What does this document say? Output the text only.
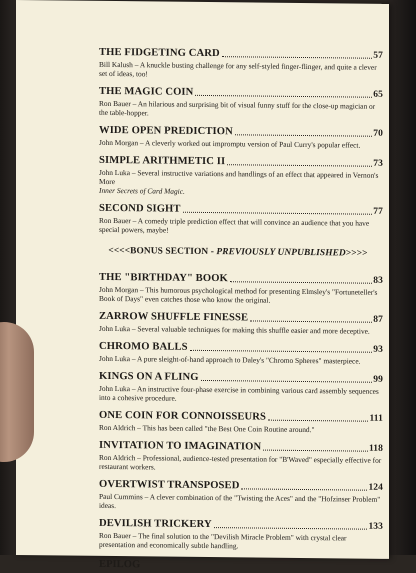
THE FIDGETING CARD	57
Bill Kalush – A knuckle busting challenge for any self-styled finger-flinger, and quite a clever set of ideas, too!
THE MAGIC COIN	65
Ron Bauer – An hilarious and surprising bit of visual funny stuff for the close-up magician or the table-hopper.
WIDE OPEN PREDICTION	70
John Morgan – A cleverly worked out impromptu version of Paul Curry's popular effect.
SIMPLE ARITHMETIC II	73
John Luka – Several instructive variations and handlings of an effect that appeared in Vernon's More
Inner Secrets of Card Magic.
SECOND SIGHT	77
Ron Bauer – A comedy triple prediction effect that will convince an audience that you have special powers, maybe!
<<<<BONUS SECTION - PREVIOUSLY UNPUBLISHED>>>>
THE "BIRTHDAY" BOOK	83
John Morgan – This humorous psychological method for presenting Elmsley's "Fortuneteller's Book of Days" even catches those who know the original.
ZARROW SHUFFLE FINESSE	87
John Luka – Several valuable techniques for making this shuffle easier and more deceptive.
CHROMO BALLS	93
John Luka – A pure sleight-of-hand approach to Daley's "Chromo Spheres" masterpiece.
KINGS ON A FLING	99
John Luka – An instructive four-phase exercise in combining various card assembly sequences into a cohesive procedure.
ONE COIN FOR CONNOISSEURS	111
Ron Aldrich – This has been called "the Best One Coin Routine around."
INVITATION TO IMAGINATION	118
Ron Aldrich – Professional, audience-tested presentation for "B'Waved" especially effective for restaurant workers.
OVERTWIST TRANSPOSED	124
Paul Cummins – A clever combination of the "Twisting the Aces" and the "Hofzinser Problem" ideas.
DEVILISH TRICKERY	133
Ron Bauer – The final solution to the "Devilish Miracle Problem" with crystal clear presentation and economically subtle handling.
EPILOG
